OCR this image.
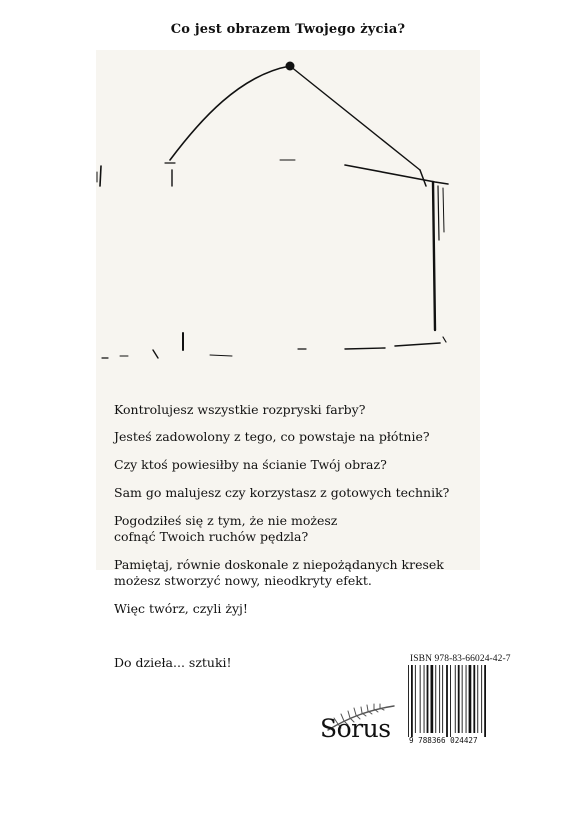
Co jest obrazem Twojego życia?
Kontrolujesz wszystkie rozpryski farby?
Jesteś zadowolony z tego, co powstaje na płótnie?
Czy ktoś powiesiłby na ścianie Twój obraz?
Sam go malujesz czy korzystasz z gotowych technik?
Pogodziłeś się z tym, że nie możesz
cofnąć Twoich ruchów pędzla?
Pamiętaj, równie doskonale z niepożądanych kresek
możesz stworzyć nowy, nieodkryty efekt.
Więc twórz, czyli żyj!
Do dzieła... sztuki!	ISBN 978-83-66024-42-7
9 788366 024427
Sorus
